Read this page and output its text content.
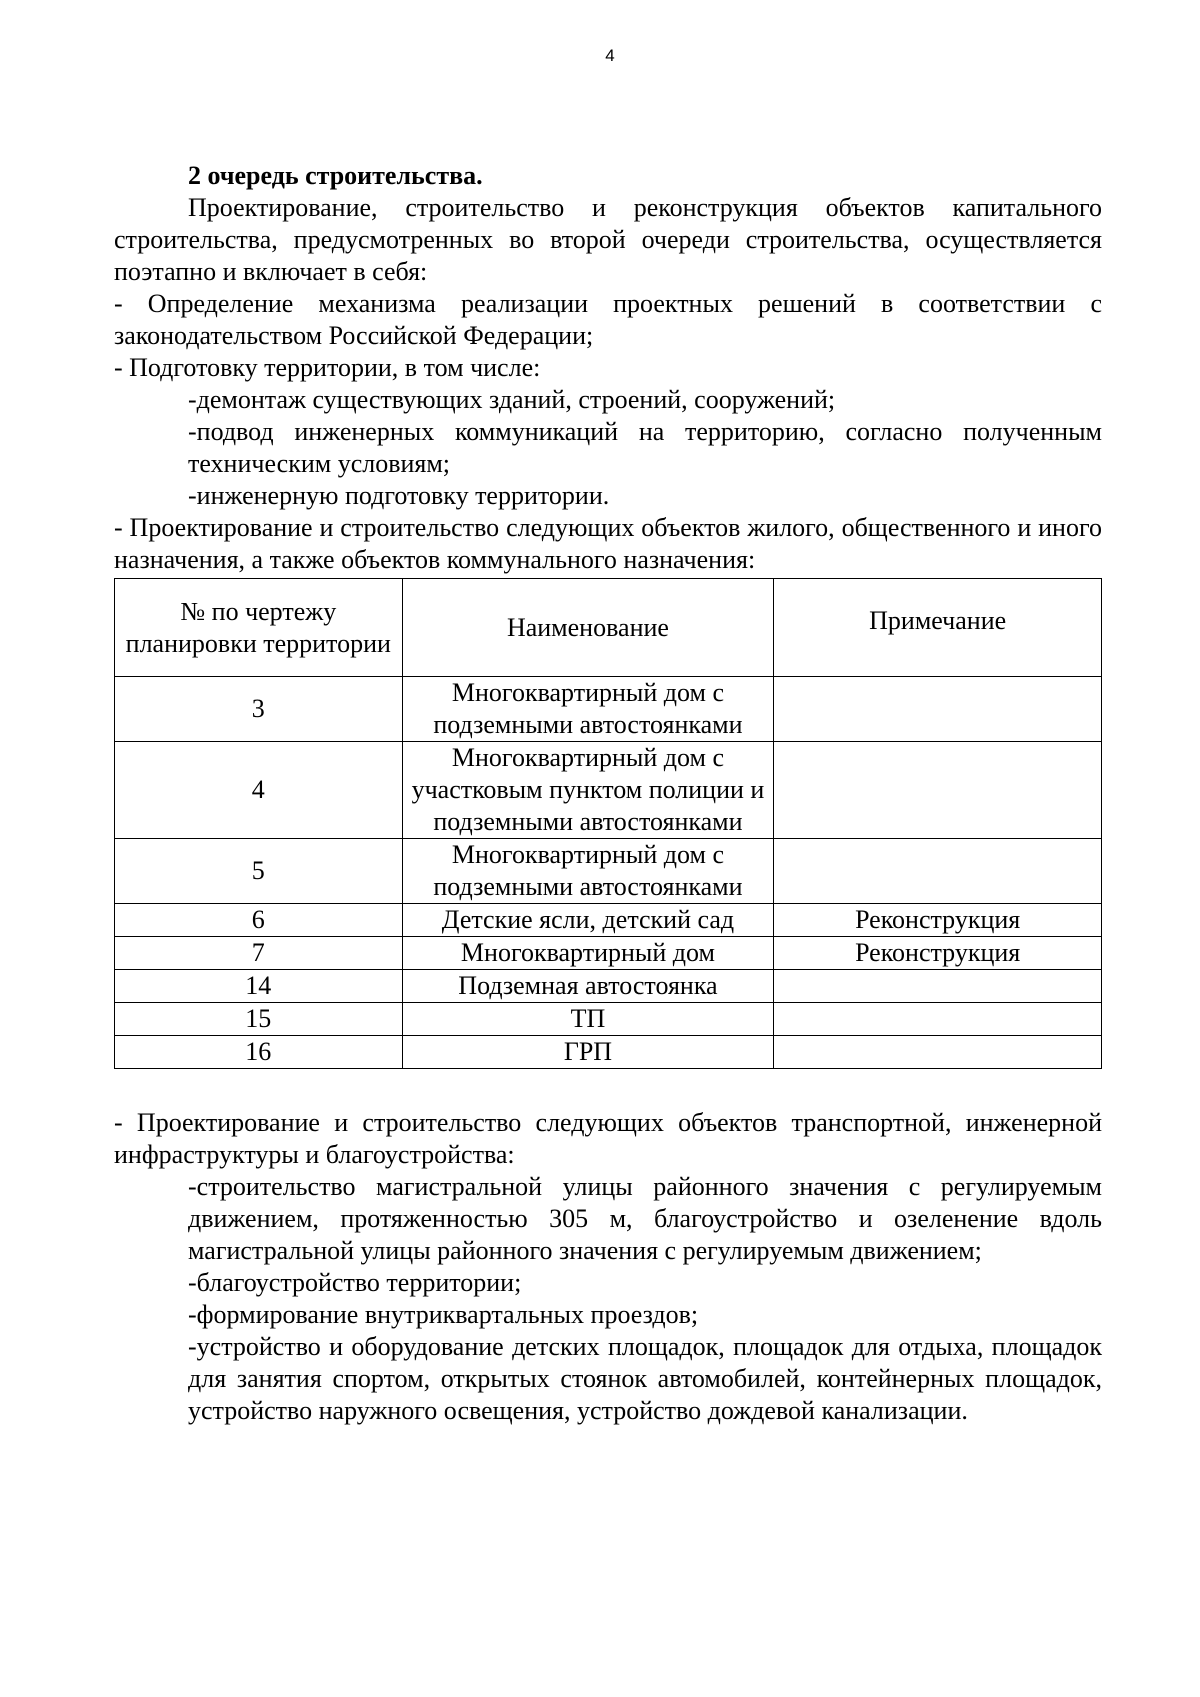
4

2 очередь строительства.

Проектирование, строительство и реконструкция объектов капитального строительства, предусмотренных во второй очереди строительства, осуществляется поэтапно и включает в себя:

- Определение механизма реализации проектных решений в соответствии с законодательством Российской Федерации;

- Подготовку территории, в том числе:

-демонтаж существующих зданий, строений, сооружений;

-подвод инженерных коммуникаций на территорию, согласно полученным техническим условиям;

-инженерную подготовку территории.

- Проектирование и строительство следующих объектов жилого, общественного и иного назначения, а также объектов коммунального назначения:

№ по чертежу планировки территории	Наименование	Примечание
3	Многоквартирный дом с подземными автостоянками	
4	Многоквартирный дом с участковым пунктом полиции и подземными автостоянками	
5	Многоквартирный дом с подземными автостоянками	
6	Детские ясли, детский сад	Реконструкция
7	Многоквартирный дом	Реконструкция
14	Подземная автостоянка	
15	ТП	
16	ГРП	

- Проектирование и строительство следующих объектов транспортной, инженерной инфраструктуры и благоустройства:

-строительство магистральной улицы районного значения с регулируемым движением, протяженностью 305 м, благоустройство и озеленение вдоль магистральной улицы районного значения с регулируемым движением;

-благоустройство территории;

-формирование внутриквартальных проездов;

-устройство и оборудование детских площадок, площадок для отдыха, площадок для занятия спортом, открытых стоянок автомобилей, контейнерных площадок, устройство наружного освещения, устройство дождевой канализации.
